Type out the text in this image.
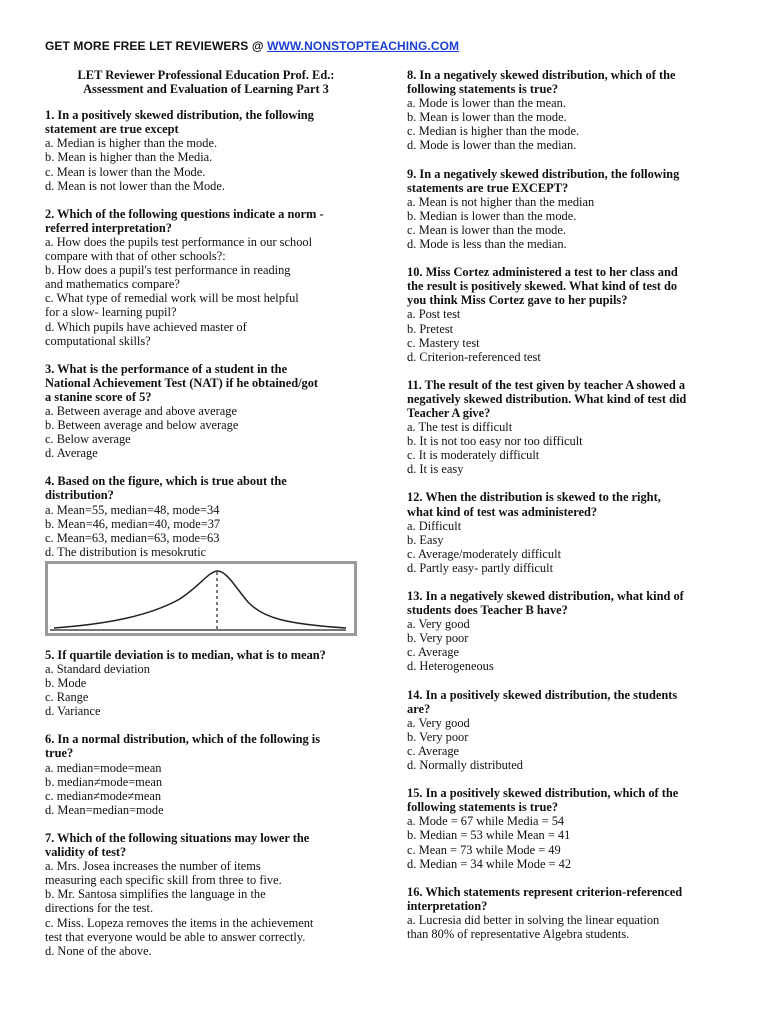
GET MORE FREE LET REVIEWERS @ WWW.NONSTOPTEACHING.COM
LET Reviewer Professional Education Prof. Ed.:
Assessment and Evaluation of Learning Part 3
1. In a positively skewed distribution, the following
statement are true except
a. Median is higher than the mode.
b. Mean is higher than the Media.
c. Mean is lower than the Mode.
d. Mean is not lower than the Mode.
2. Which of the following questions indicate a norm -
referred interpretation?
a. How does the pupils test performance in our school
compare with that of other schools?:
b. How does a pupil's test performance in reading
and mathematics compare?
c. What type of remedial work will be most helpful
for a slow- learning pupil?
d. Which pupils have achieved master of
computational skills?
3. What is the performance of a student in the
National Achievement Test (NAT) if he obtained/got
a stanine score of 5?
a. Between average and above average
b. Between average and below average
c. Below average
d. Average
4. Based on the figure, which is true about the
distribution?
a. Mean=55, median=48, mode=34
b. Mean=46, median=40, mode=37
c. Mean=63, median=63, mode=63
d. The distribution is mesokrutic
5. If quartile deviation is to median, what is to mean?
a. Standard deviation
b. Mode
c. Range
d. Variance
6. In a normal distribution, which of the following is
true?
a. median=mode=mean
b. median≠mode=mean
c. median≠mode≠mean
d. Mean=median=mode
7. Which of the following situations may lower the
validity of test?
a. Mrs. Josea increases the number of items
measuring each specific skill from three to five.
b. Mr. Santosa simplifies the language in the
directions for the test.
c. Miss. Lopeza removes the items in the achievement
test that everyone would be able to answer correctly.
d. None of the above.
8. In a negatively skewed distribution, which of the
following statements is true?
a. Mode is lower than the mean.
b. Mean is lower than the mode.
c. Median is higher than the mode.
d. Mode is lower than the median.
9. In a negatively skewed distribution, the following
statements are true EXCEPT?
a. Mean is not higher than the median
b. Median is lower than the mode.
c. Mean is lower than the mode.
d. Mode is less than the median.
10. Miss Cortez administered a test to her class and
the result is positively skewed. What kind of test do
you think Miss Cortez gave to her pupils?
a. Post test
b. Pretest
c. Mastery test
d. Criterion-referenced test
11. The result of the test given by teacher A showed a
negatively skewed distribution. What kind of test did
Teacher A give?
a. The test is difficult
b. It is not too easy nor too difficult
c. It is moderately difficult
d. It is easy
12. When the distribution is skewed to the right,
what kind of test was administered?
a. Difficult
b. Easy
c. Average/moderately difficult
d. Partly easy- partly difficult
13. In a negatively skewed distribution, what kind of
students does Teacher B have?
a. Very good
b. Very poor
c. Average
d. Heterogeneous
14. In a positively skewed distribution, the students
are?
a. Very good
b. Very poor
c. Average
d. Normally distributed
15. In a positively skewed distribution, which of the
following statements is true?
a. Mode = 67 while Media = 54
b. Median = 53 while Mean = 41
c. Mean = 73 while Mode = 49
d. Median = 34 while Mode = 42
16. Which statements represent criterion-referenced
interpretation?
a. Lucresia did better in solving the linear equation
than 80% of representative Algebra students.
